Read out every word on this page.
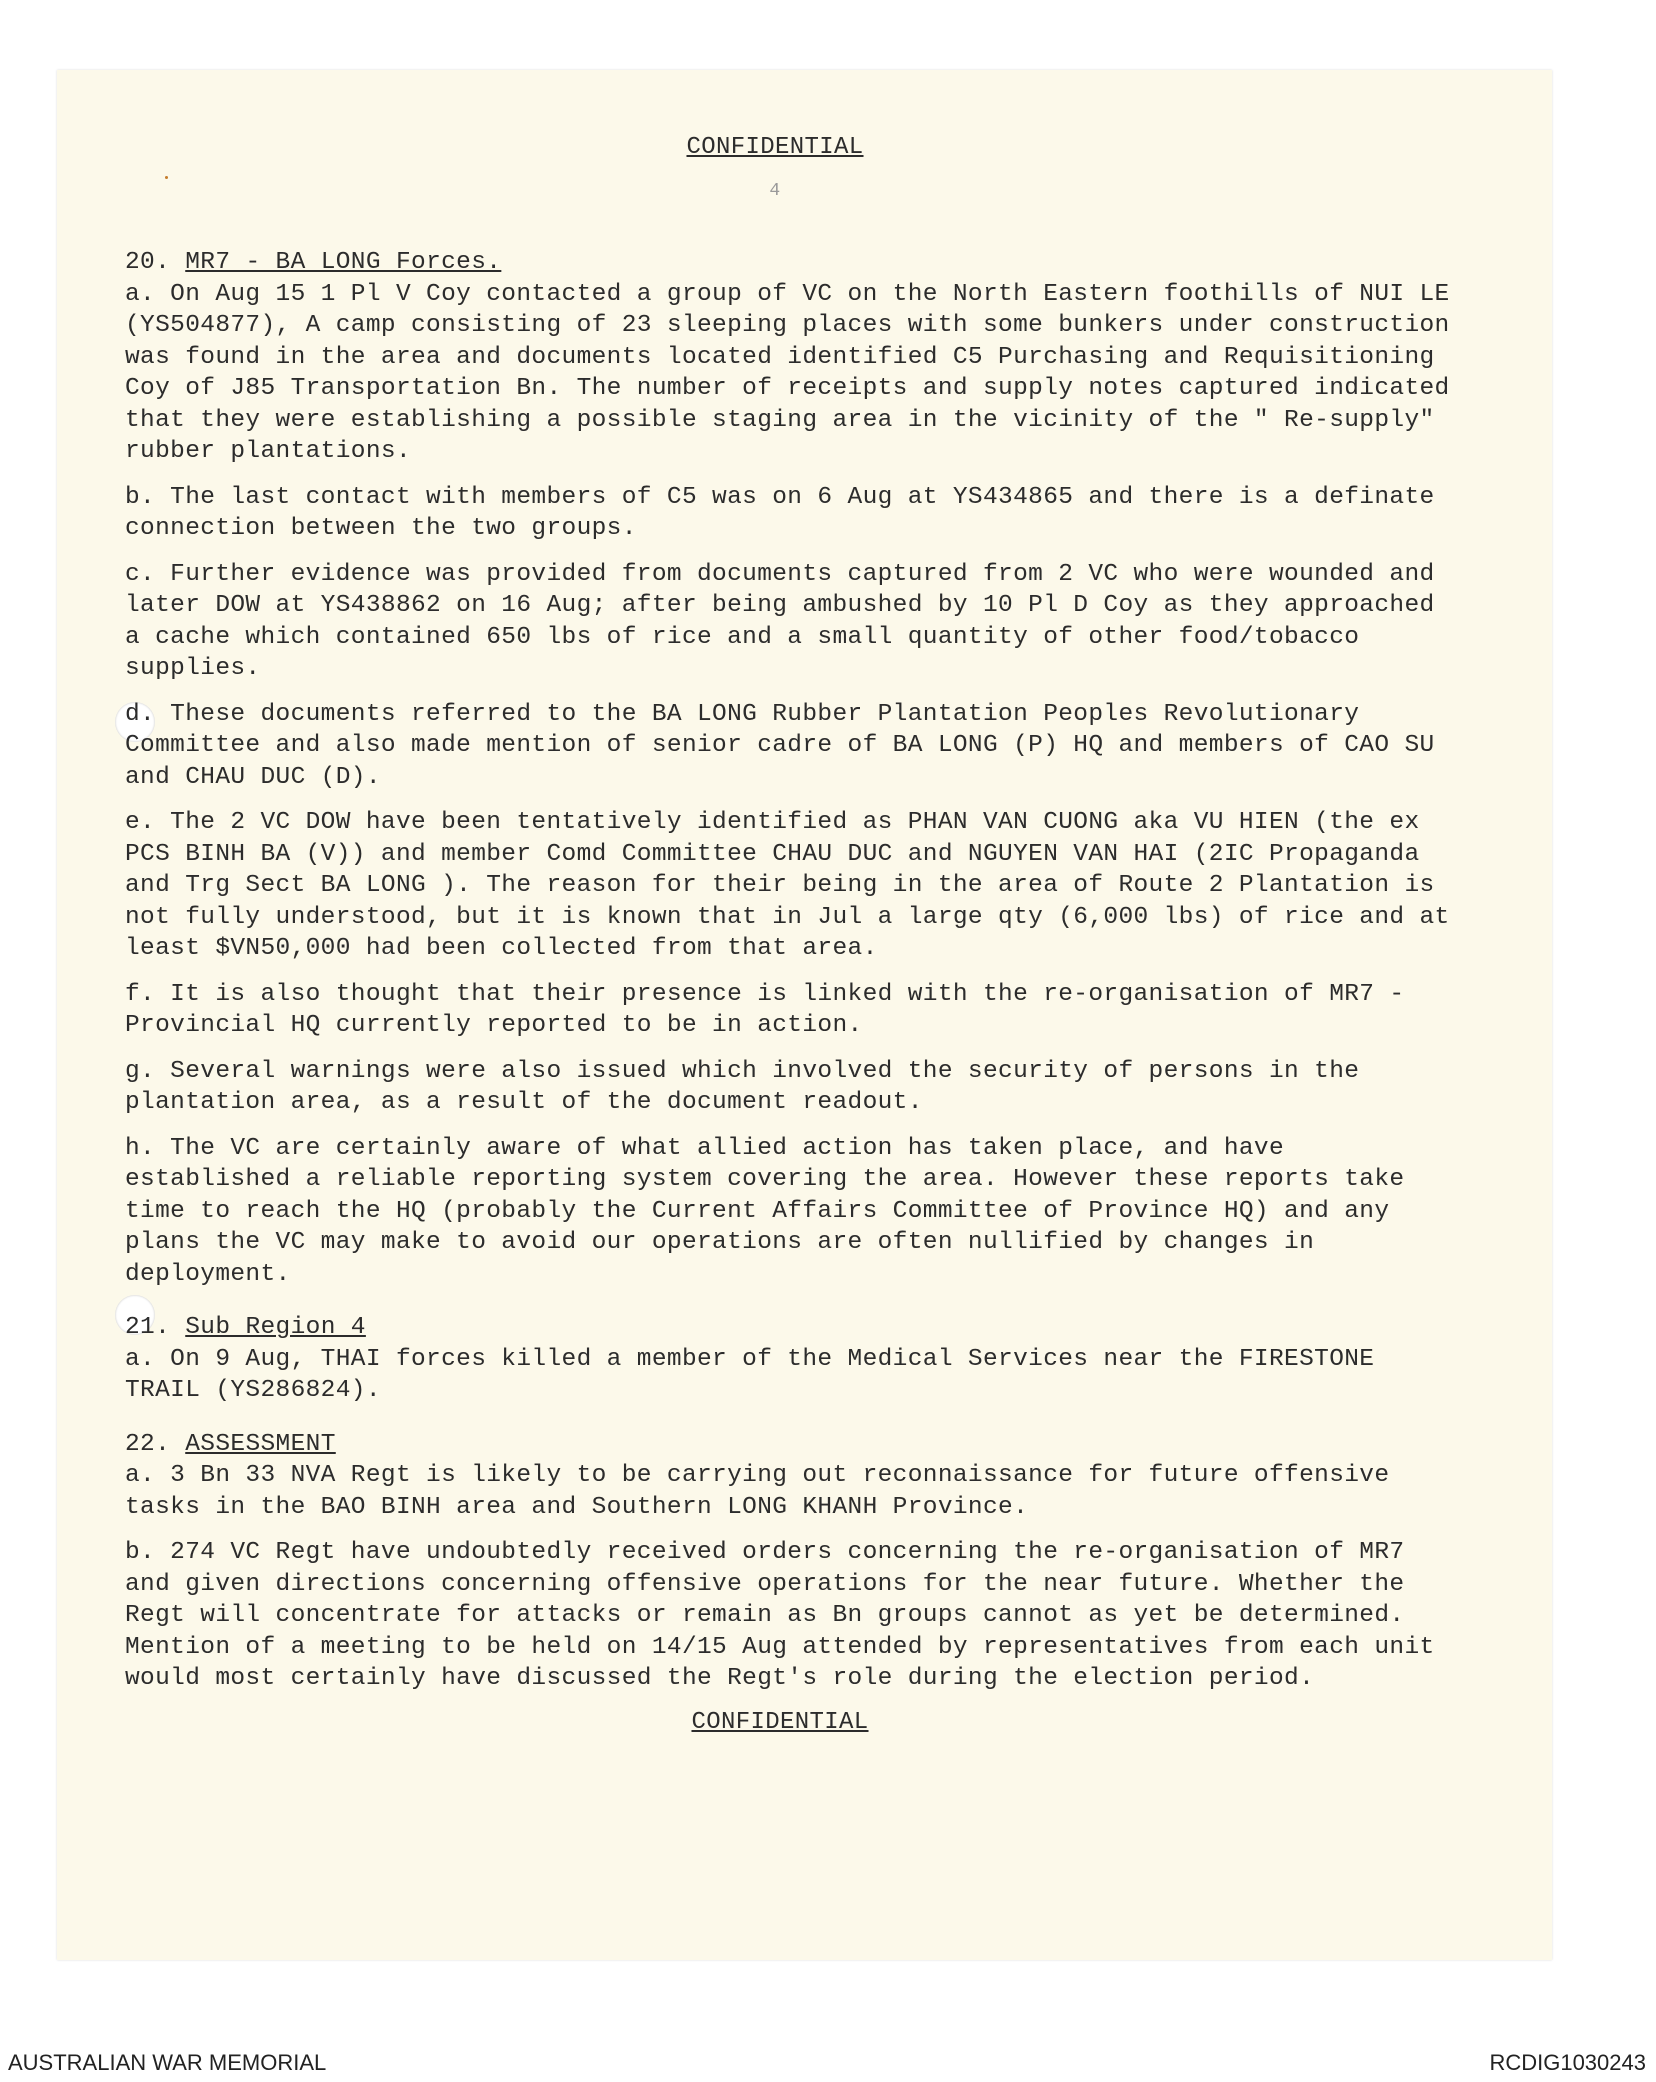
CONFIDENTIAL
4
20. MR7 - BA LONG Forces.

a. On Aug 15 1 Pl V Coy contacted a group of VC on the North Eastern foothills of NUI LE (YS504877), A camp consisting of 23 sleeping places with some bunkers under construction was found in the area and documents located identified C5 Purchasing and Requisitioning Coy of J85 Transportation Bn. The number of receipts and supply notes captured indicated that they were establishing a possible staging area in the vicinity of the " Re-supply" rubber plantations.

b. The last contact with members of C5 was on 6 Aug at YS434865 and there is a definate connection between the two groups.

c. Further evidence was provided from documents captured from 2 VC who were wounded and later DOW at YS438862 on 16 Aug; after being ambushed by 10 Pl D Coy as they approached a cache which contained 650 lbs of rice and a small quantity of other food/tobacco supplies.

d. These documents referred to the BA LONG Rubber Plantation Peoples Revolutionary Committee and also made mention of senior cadre of BA LONG (P) HQ and members of CAO SU and CHAU DUC (D).

e. The 2 VC DOW have been tentatively identified as PHAN VAN CUONG aka VU HIEN (the ex PCS BINH BA (V)) and member Comd Committee CHAU DUC and NGUYEN VAN HAI (2IC Propaganda and Trg Sect BA LONG ). The reason for their being in the area of Route 2 Plantation is not fully understood, but it is known that in Jul a large qty (6,000 lbs) of rice and at least $VN50,000 had been collected from that area.

f. It is also thought that their presence is linked with the re-organisation of MR7 - Provincial HQ currently reported to be in action.

g. Several warnings were also issued which involved the security of persons in the plantation area, as a result of the document readout.

h. The VC are certainly aware of what allied action has taken place, and have established a reliable reporting system covering the area. However these reports take time to reach the HQ (probably the Current Affairs Committee of Province HQ) and any plans the VC may make to avoid our operations are often nullified by changes in deployment.

21. Sub Region 4

a. On 9 Aug, THAI forces killed a member of the Medical Services near the FIRESTONE TRAIL (YS286824).

22. ASSESSMENT

a. 3 Bn 33 NVA Regt is likely to be carrying out reconnaissance for future offensive tasks in the BAO BINH area and Southern LONG KHANH Province.

b. 274 VC Regt have undoubtedly received orders concerning the re-organisation of MR7 and given directions concerning offensive operations for the near future. Whether the Regt will concentrate for attacks or remain as Bn groups cannot as yet be determined. Mention of a meeting to be held on 14/15 Aug attended by representatives from each unit would most certainly have discussed the Regt's role during the election period.

CONFIDENTIAL
AUSTRALIAN WAR MEMORIAL	RCDIG1030243
